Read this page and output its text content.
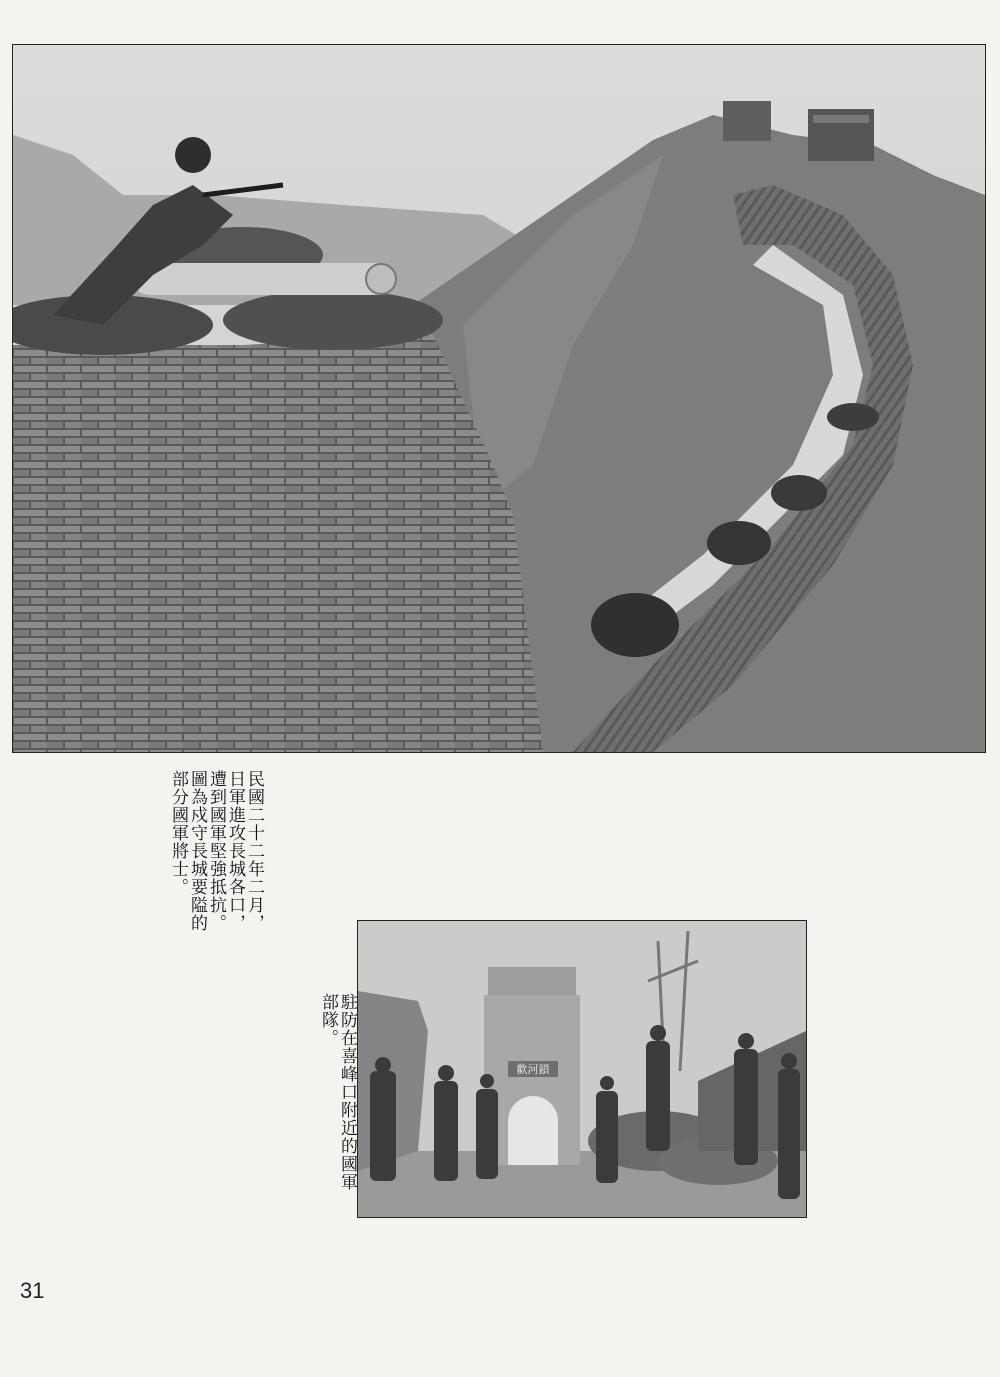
民國二十二年二月，
日軍進攻長城各口，
遭到國軍堅強抵抗。
圖為戍守長城要隘的
部分國軍將士。
駐防在喜峰口附近的國軍部隊。
歡河鎖
31
